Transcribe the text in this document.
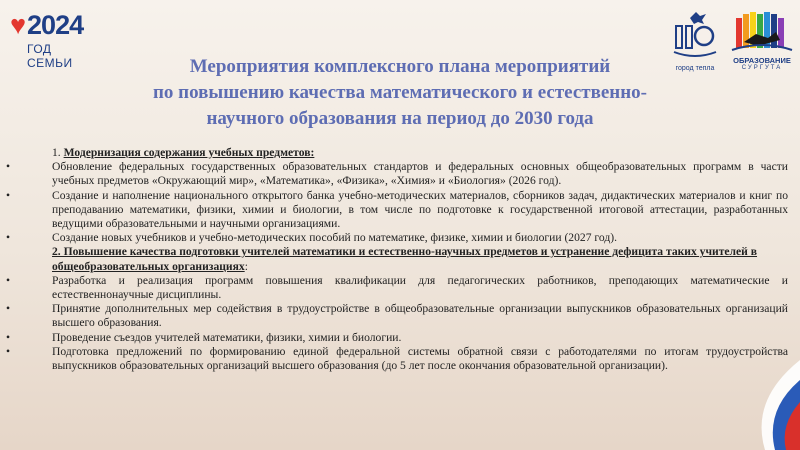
♥2024
ГОД СЕМЬИ	город тепла
ОБРАЗОВАНИЕ
СУРГУТА
Мероприятия комплексного плана мероприятий
по повышению качества математического и естественно-
научного образования на период до 2030 года

1. Модернизация содержания учебных предметов:

• Обновление федеральных государственных образовательных стандартов и федеральных основных общеобразовательных программ в части учебных предметов «Окружающий мир», «Математика», «Физика», «Химия» и «Биология» (2026 год).
• Создание и наполнение национального открытого банка учебно-методических материалов, сборников задач, дидактических материалов и книг по преподаванию математики, физики, химии и биологии, в том числе по подготовке к государственной итоговой аттестации, разработанных ведущими образовательными и научными организациями.
• Создание новых учебников и учебно-методических пособий по математике, физике, химии и биологии (2027 год).

2. Повышение качества подготовки учителей математики и естественно-научных предметов и устранение дефицита таких учителей в общеобразовательных организациях:

• Разработка и реализация программ повышения квалификации для педагогических работников, преподающих математические и естественнонаучные дисциплины.
• Принятие дополнительных мер содействия в трудоустройстве в общеобразовательные организации выпускников образовательных организаций высшего образования.
• Проведение съездов учителей математики, физики, химии и биологии.
• Подготовка предложений по формированию единой федеральной системы обратной связи с работодателями по итогам трудоустройства выпускников образовательных организаций высшего образования (до 5 лет после окончания образовательной организации).
